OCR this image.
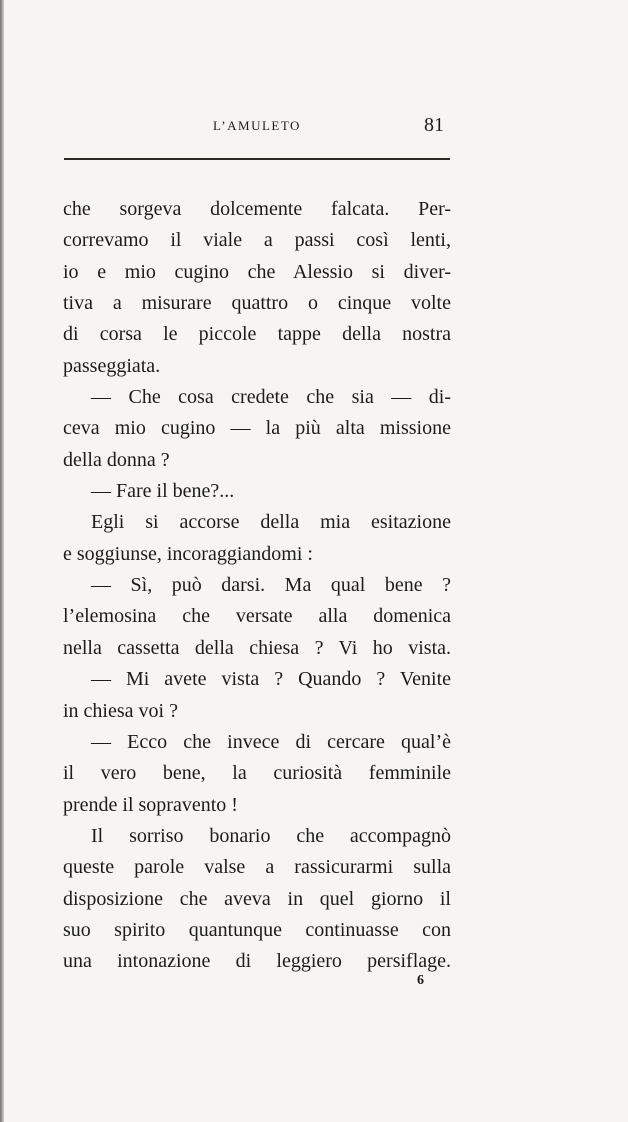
L’AMULETO	81
che sorgeva dolcemente falcata. Per-
correvamo il viale a passi così lenti,
io e mio cugino che Alessio si diver-
tiva a misurare quattro o cinque volte
di corsa le piccole tappe della nostra
passeggiata.
— Che cosa credete che sia — di-
ceva mio cugino — la più alta missione
della donna ?
— Fare il bene?...
Egli si accorse della mia esitazione
e soggiunse, incoraggiandomi :
— Sì, può darsi. Ma qual bene ?
l’elemosina che versate alla domenica
nella cassetta della chiesa ? Vi ho vista.
— Mi avete vista ? Quando ? Venite
in chiesa voi ?
— Ecco che invece di cercare qual’è
il vero bene, la curiosità femminile
prende il sopravento !
Il sorriso bonario che accompagnò
queste parole valse a rassicurarmi sulla
disposizione che aveva in quel giorno il
suo spirito quantunque continuasse con
una intonazione di leggiero persiflage.
6
